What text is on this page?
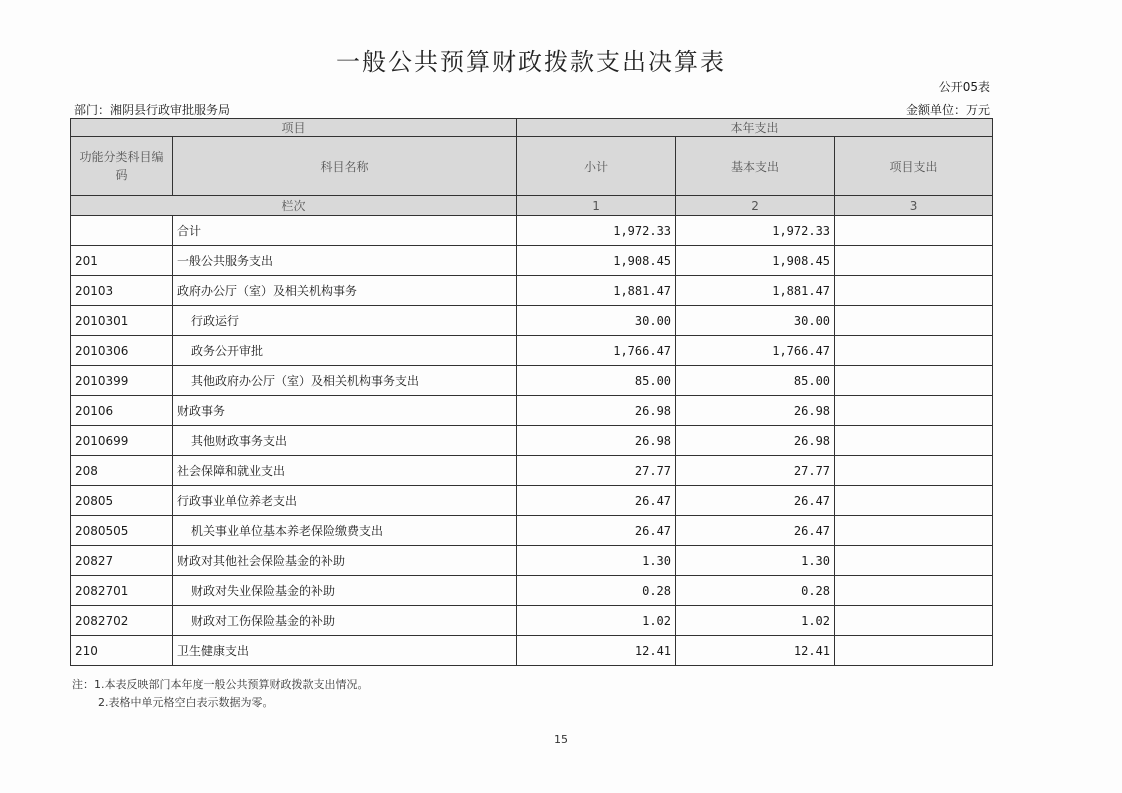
一般公共预算财政拨款支出决算表
公开05表
部门：湘阴县行政审批服务局	金额单位：万元
项目		本年支出		
功能分类科目编码	科目名称	小计	基本支出	项目支出
栏次		1	2	3
	合计	1,972.33	1,972.33	
201	一般公共服务支出	1,908.45	1,908.45	
20103	政府办公厅（室）及相关机构事务	1,881.47	1,881.47	
2010301	行政运行	30.00	30.00	
2010306	政务公开审批	1,766.47	1,766.47	
2010399	其他政府办公厅（室）及相关机构事务支出	85.00	85.00	
20106	财政事务	26.98	26.98	
2010699	其他财政事务支出	26.98	26.98	
208	社会保障和就业支出	27.77	27.77	
20805	行政事业单位养老支出	26.47	26.47	
2080505	机关事业单位基本养老保险缴费支出	26.47	26.47	
20827	财政对其他社会保险基金的补助	1.30	1.30	
2082701	财政对失业保险基金的补助	0.28	0.28	
2082702	财政对工伤保险基金的补助	1.02	1.02	
210	卫生健康支出	12.41	12.41	
注：1.本表反映部门本年度一般公共预算财政拨款支出情况。
2.表格中单元格空白表示数据为零。
15
